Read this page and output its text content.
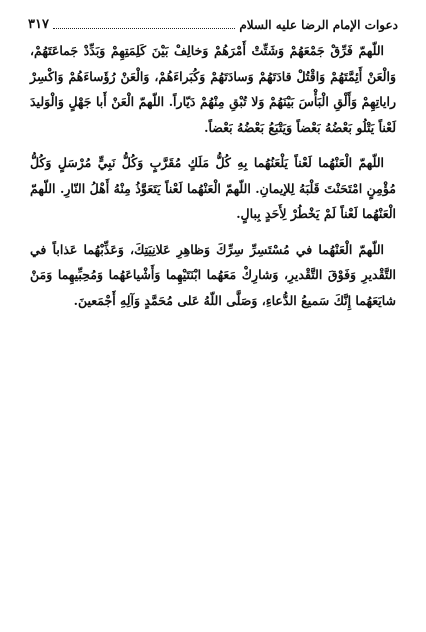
دعوات الإمام الرضا عليه السلام
٣١٧

اللّهمّ فَرِّقْ جَمْعَهُمْ وَشَتِّتْ أَمْرَهُمْ وَخالِفْ بَيْنَ كَلِمَتِهِمْ وَبَدِّدْ جَماعَتَهُمْ، وَالْعَنْ أَئِمَّتَهُمْ وَاقْتُلْ قادَتَهُمْ وَسادَتَهُمْ وَكُبَراءَهُمْ، وَالْعَنْ رُؤَساءَهُمْ وَاكْسِرْ راياتِهِمْ وَأَلْقِ الْبَأْسَ بَيْنَهُمْ وَلا تُبْقِ مِنْهُمْ دَيّاراً. اللّهمّ الْعَنْ أَبا جَهْلٍ وَالْوَليدَ لَعْناً يَتْلُو بَعْضُهُ بَعْضاً وَيَتْبَعُ بَعْضُهُ بَعْضاً.

اللّهمّ الْعَنْهُما لَعْناً يَلْعَنُهُما بِهِ كُلُّ مَلَكٍ مُقَرَّبٍ وَكُلُّ نَبِيٍّ مُرْسَلٍ وَكُلُّ مُؤْمِنٍ امْتَحَنْتَ قَلْبَهُ لِلإيمانِ. اللّهمّ الْعَنْهُما لَعْناً يَتَعَوَّذُ مِنْهُ أَهْلُ النّارِ. اللّهمّ الْعَنْهُما لَعْناً لَمْ يَخْطُرْ لِأَحَدٍ بِبالٍ.

اللّهمّ الْعَنْهُما في مُسْتَسِرِّ سِرِّكَ وَظاهِرِ عَلانِيَتِكَ، وَعَذِّبْهُما عَذاباً في التَّقْديرِ وَفَوْقَ التَّقْديرِ، وَشارِكْ مَعَهُما ابْنَتَيْهِما وَأَشْياعَهُما وَمُحِبِّيهِما وَمَنْ شايَعَهُما إِنَّكَ سَميعُ الدُّعاءِ، وَصَلَّى اللّهُ عَلى مُحَمَّدٍ وَآلِهِ أَجْمَعينَ.
